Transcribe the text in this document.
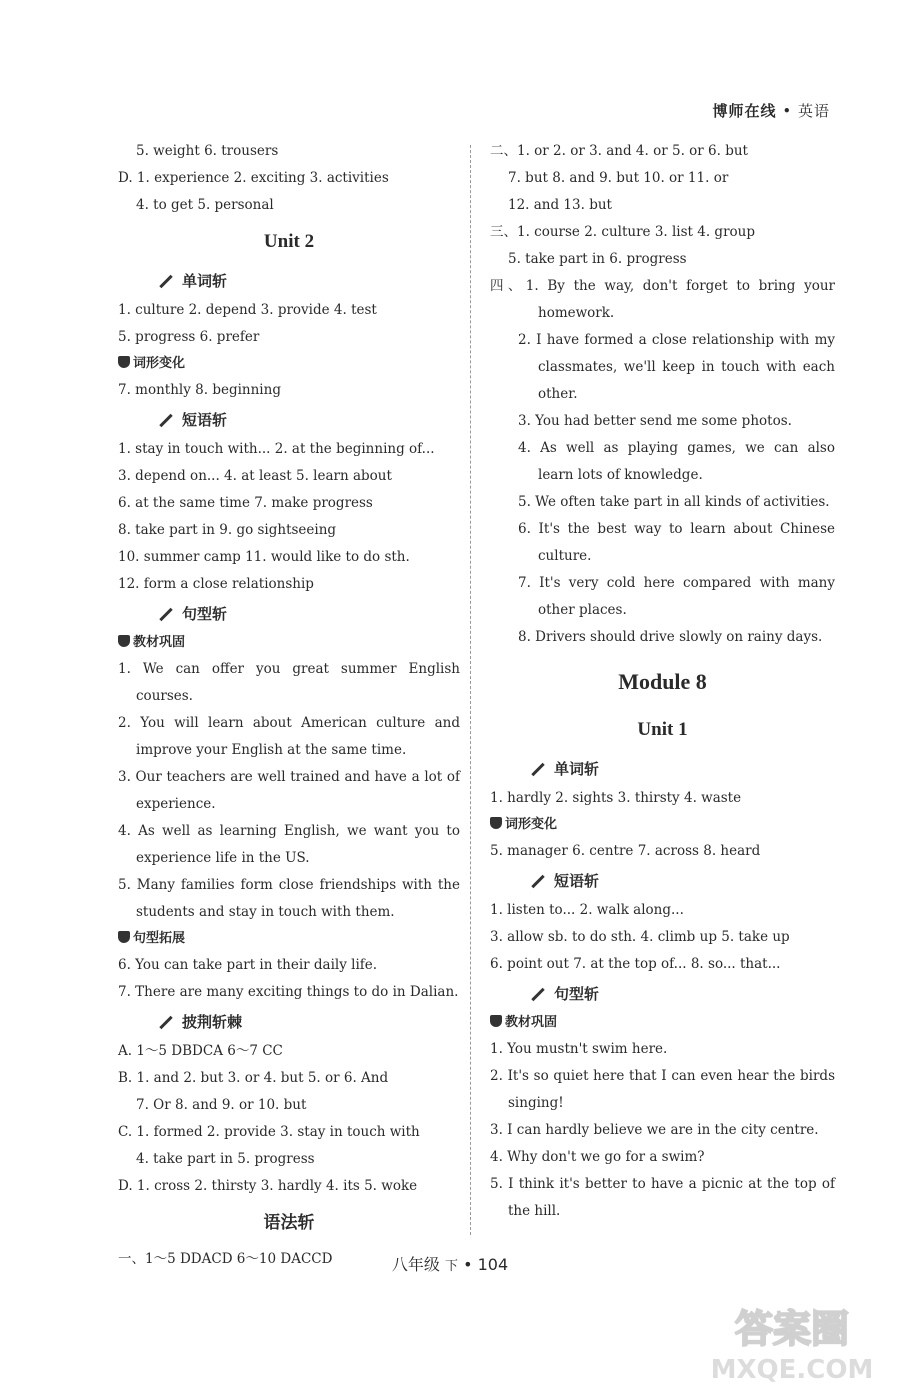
博师在线 • 英语
5. weight 6. trousers
D. 1. experience 2. exciting 3. activities
4. to get 5. personal
Unit 2
单词斩
1. culture 2. depend 3. provide 4. test
5. progress 6. prefer
词形变化
7. monthly 8. beginning
短语斩
1. stay in touch with... 2. at the beginning of...
3. depend on... 4. at least 5. learn about
6. at the same time 7. make progress
8. take part in 9. go sightseeing
10. summer camp 11. would like to do sth.
12. form a close relationship
句型斩
教材巩固
1. We can offer you great summer English courses.
2. You will learn about American culture and improve your English at the same time.
3. Our teachers are well trained and have a lot of experience.
4. As well as learning English, we want you to experience life in the US.
5. Many families form close friendships with the students and stay in touch with them.
句型拓展
6. You can take part in their daily life.
7. There are many exciting things to do in Dalian.
披荆斩棘
A. 1～5 DBDCA 6～7 CC
B. 1. and 2. but 3. or 4. but 5. or 6. And
7. Or 8. and 9. or 10. but
C. 1. formed 2. provide 3. stay in touch with
4. take part in 5. progress
D. 1. cross 2. thirsty 3. hardly 4. its 5. woke
语法斩
一、1～5 DDACD 6～10 DACCD
二、1. or 2. or 3. and 4. or 5. or 6. but
7. but 8. and 9. but 10. or 11. or
12. and 13. but
三、1. course 2. culture 3. list 4. group
5. take part in 6. progress
四、1. By the way, don't forget to bring your homework.
2. I have formed a close relationship with my classmates, we'll keep in touch with each other.
3. You had better send me some photos.
4. As well as playing games, we can also learn lots of knowledge.
5. We often take part in all kinds of activities.
6. It's the best way to learn about Chinese culture.
7. It's very cold here compared with many other places.
8. Drivers should drive slowly on rainy days.
Module 8
Unit 1
单词斩
1. hardly 2. sights 3. thirsty 4. waste
词形变化
5. manager 6. centre 7. across 8. heard
短语斩
1. listen to... 2. walk along...
3. allow sb. to do sth. 4. climb up 5. take up
6. point out 7. at the top of... 8. so... that...
句型斩
教材巩固
1. You mustn't swim here.
2. It's so quiet here that I can even hear the birds singing!
3. I can hardly believe we are in the city centre.
4. Why don't we go for a swim?
5. I think it's better to have a picnic at the top of the hill.
八年级 下 • 104
答案圈
MXQE.COM
